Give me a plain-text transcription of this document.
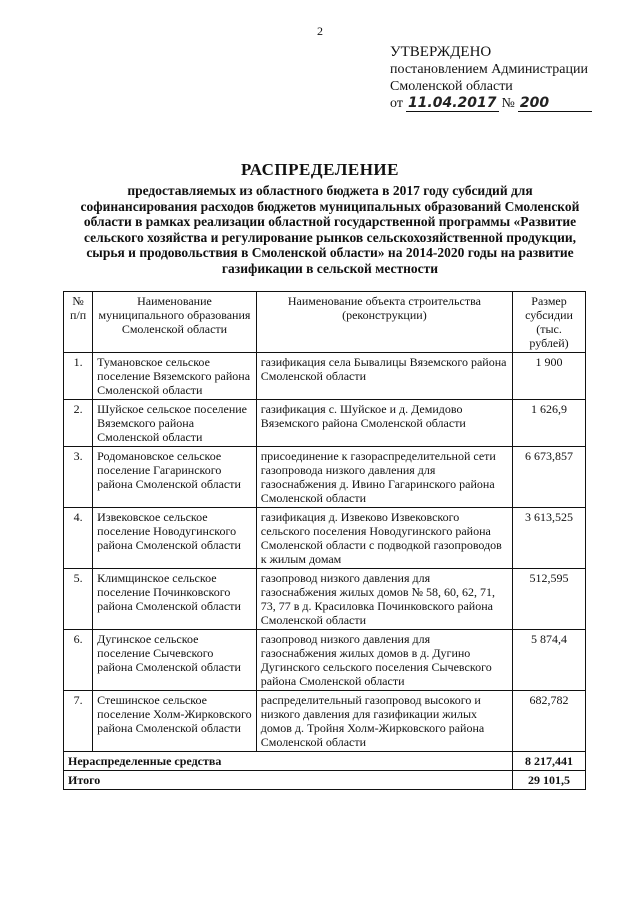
2
УТВЕРЖДЕНО
постановлением Администрации
Смоленской области
от 11.04.2017 № 200
РАСПРЕДЕЛЕНИЕ
предоставляемых из областного бюджета в 2017 году субсидий для софинансирования расходов бюджетов муниципальных образований Смоленской области в рамках реализации областной государственной программы «Развитие сельского хозяйства и регулирование рынков сельскохозяйственной продукции, сырья и продовольствия в Смоленской области» на 2014-2020 годы на развитие газификации в сельской местности
№ п/п	Наименование муниципального образования Смоленской области	Наименование объекта строительства (реконструкции)	Размер субсидии (тыс. рублей)
1.	Тумановское сельское поселение Вяземского района Смоленской области	газификация села Бывалицы Вяземского района Смоленской области	1 900
2.	Шуйское сельское поселение Вяземского района Смоленской области	газификация с. Шуйское и д. Демидово Вяземского района Смоленской области	1 626,9
3.	Родомановское сельское поселение Гагаринского района Смоленской области	присоединение к газораспределительной сети газопровода низкого давления для газоснабжения д. Ивино Гагаринского района Смоленской области	6 673,857
4.	Извековское сельское поселение Новодугинского района Смоленской области	газификация д. Извеково Извековского сельского поселения Новодугинского района Смоленской области с подводкой газопроводов к жилым домам	3 613,525
5.	Климщинское сельское поселение Починковского района Смоленской области	газопровод низкого давления для газоснабжения жилых домов № 58, 60, 62, 71, 73, 77 в д. Красиловка Починковского района Смоленской области	512,595
6.	Дугинское сельское поселение Сычевского района Смоленской области	газопровод низкого давления для газоснабжения жилых домов в д. Дугино Дугинского сельского поселения Сычевского района Смоленской области	5 874,4
7.	Стешинское сельское поселение Холм-Жирковского района Смоленской области	распределительный газопровод высокого и низкого давления для газификации жилых домов д. Тройня Холм-Жирковского района Смоленской области	682,782
Нераспределенные средства			8 217,441
Итого			29 101,5
